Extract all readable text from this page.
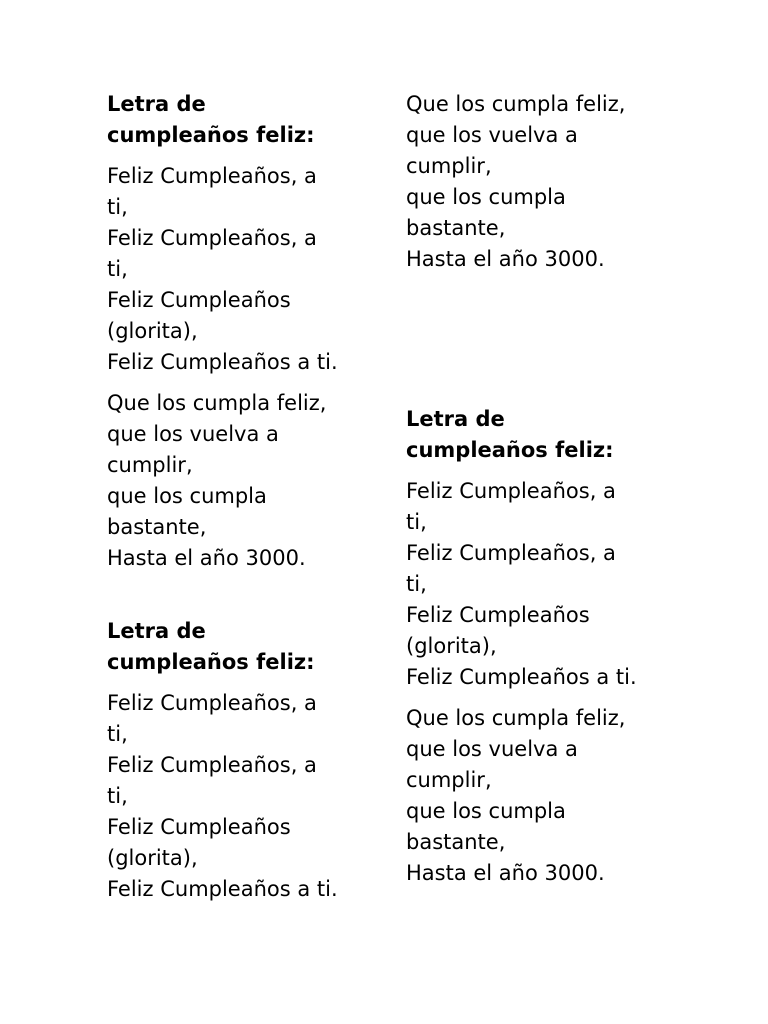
Letra de
cumpleaños feliz:

Feliz Cumpleaños, a
ti,
Feliz Cumpleaños, a
ti,
Feliz Cumpleaños
(glorita),
Feliz Cumpleaños a ti.

Que los cumpla feliz,
que los vuelva a
cumplir,
que los cumpla
bastante,
Hasta el año 3000.

Letra de
cumpleaños feliz:

Feliz Cumpleaños, a
ti,
Feliz Cumpleaños, a
ti,
Feliz Cumpleaños
(glorita),
Feliz Cumpleaños a ti.

Que los cumpla feliz,
que los vuelva a
cumplir,
que los cumpla
bastante,
Hasta el año 3000.

Letra de
cumpleaños feliz:

Feliz Cumpleaños, a
ti,
Feliz Cumpleaños, a
ti,
Feliz Cumpleaños
(glorita),
Feliz Cumpleaños a ti.

Que los cumpla feliz,
que los vuelva a
cumplir,
que los cumpla
bastante,
Hasta el año 3000.
